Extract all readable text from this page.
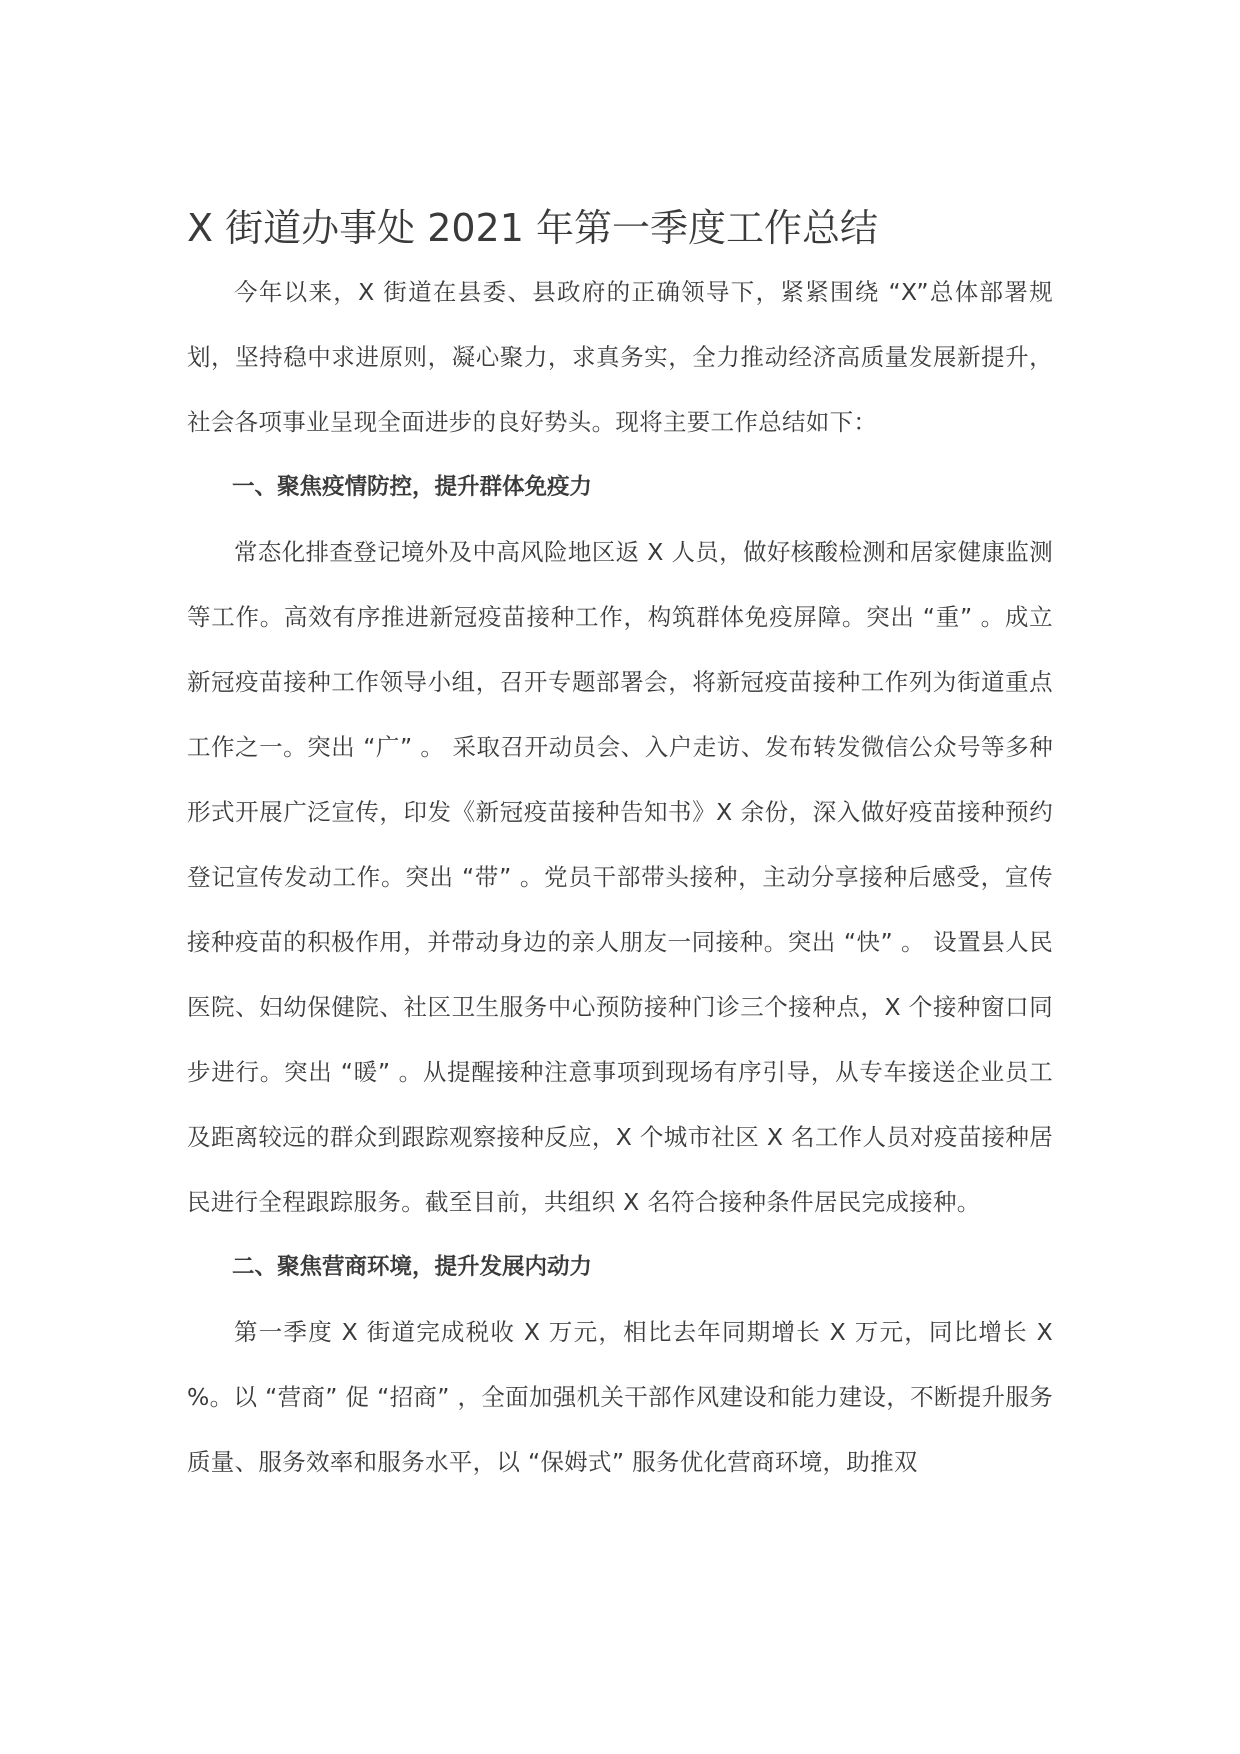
X 街道办事处 2021 年第一季度工作总结

今年以来，X 街道在县委、县政府的正确领导下，紧紧围绕 “X”总体部署规划，坚持稳中求进原则，凝心聚力，求真务实，全力推动经济高质量发展新提升，社会各项事业呈现全面进步的良好势头。现将主要工作总结如下：

一、聚焦疫情防控，提升群体免疫力

常态化排查登记境外及中高风险地区返 X 人员，做好核酸检测和居家健康监测等工作。高效有序推进新冠疫苗接种工作，构筑群体免疫屏障。突出 “重” 。成立新冠疫苗接种工作领导小组，召开专题部署会，将新冠疫苗接种工作列为街道重点工作之一。突出 “广” 。 采取召开动员会、入户走访、发布转发微信公众号等多种形式开展广泛宣传，印发《新冠疫苗接种告知书》X 余份，深入做好疫苗接种预约登记宣传发动工作。突出 “带” 。党员干部带头接种，主动分享接种后感受，宣传接种疫苗的积极作用，并带动身边的亲人朋友一同接种。突出 “快” 。 设置县人民医院、妇幼保健院、社区卫生服务中心预防接种门诊三个接种点，X 个接种窗口同步进行。突出 “暖” 。从提醒接种注意事项到现场有序引导，从专车接送企业员工及距离较远的群众到跟踪观察接种反应，X 个城市社区 X 名工作人员对疫苗接种居民进行全程跟踪服务。截至目前，共组织 X 名符合接种条件居民完成接种。

二、聚焦营商环境，提升发展内动力

第一季度 X 街道完成税收 X 万元，相比去年同期增长 X 万元，同比增长 X %。以 “营商” 促 “招商” ，全面加强机关干部作风建设和能力建设，不断提升服务质量、服务效率和服务水平，以 “保姆式” 服务优化营商环境，助推双
